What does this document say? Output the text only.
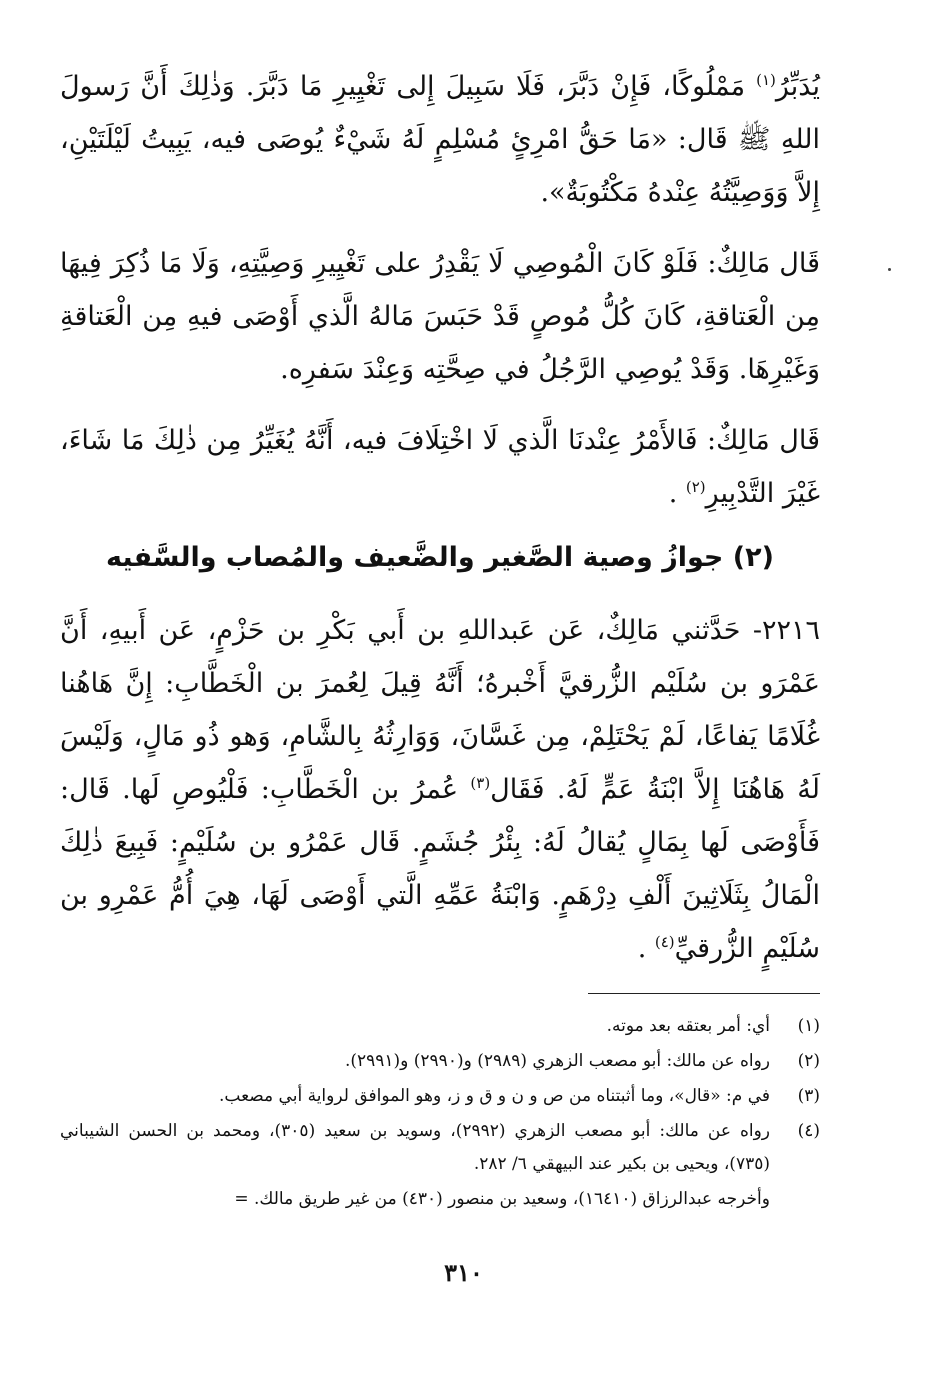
يُدَبِّرُ$^{(١)}$ مَمْلُوكًا، فَإِنْ دَبَّرَ، فَلَا سَبِيلَ إِلى تَغْيِيرِ مَا دَبَّرَ. وَذٰلِكَ أَنَّ رَسولَ اللهِ ﷺ قَال: «مَا حَقُّ امْرِئٍ مُسْلِمٍ لَهُ شَيْءٌ يُوصَى فيه، يَبِيتُ لَيْلَتَيْنِ، إِلاَّ وَوَصِيَّتُهُ عِنْدهُ مَكْتُوبَةٌ».

قَال مَالِكٌ: فَلَوْ كَانَ الْمُوصِي لَا يَقْدِرُ على تَغْيِيرِ وَصِيَّتِهِ، وَلَا مَا ذُكِرَ فِيهَا مِن الْعَتاقةِ، كَانَ كُلُّ مُوصٍ قَدْ حَبَسَ مَالهُ الَّذي أَوْصَى فيهِ مِن الْعَتاقةِ وَغَيْرِهَا. وَقَدْ يُوصِي الرَّجُلُ في صِحَّتِه وَعِنْدَ سَفرِه.

قَال مَالِكٌ: فَالأَمْرُ عِنْدنَا الَّذي لَا اخْتِلَافَ فيه، أَنَّهُ يُغَيِّرُ مِن ذٰلِكَ مَا شَاءَ، غَيْرَ التَّدْبِيرِ$^{(٢)}$ .

(٢) جوازُ وصية الصَّغير والضَّعيف والمُصاب والسَّفيه

٢٢١٦- حَدَّثني مَالِكٌ، عَن عَبداللهِ بن أَبي بَكْرِ بن حَزْمٍ، عَن أَبيهِ، أَنَّ عَمْرَو بن سُلَيْم الزُّرقيَّ أَخْبرهُ؛ أَنَّهُ قِيلَ لِعُمرَ بن الْخَطَّابِ: إِنَّ هَاهُنا غُلَامًا يَفاعًا، لَمْ يَحْتَلِمْ، مِن غَسَّانَ، وَوَارِثُهُ بِالشَّامِ، وَهو ذُو مَالٍ، وَلَيْسَ لَهُ هَاهُنَا إِلاَّ ابْنَةُ عَمٍّ لَهُ. فَقَال$^{(٣)}$ عُمرُ بن الْخَطَّابِ: فَلْيُوصِ لَها. قَال: فَأَوْصَى لَها بِمَالٍ يُقالُ لَهُ: بِئْرُ جُشَمٍ. قَال عَمْرُو بن سُلَيْمٍ: فَبِيعَ ذٰلِكَ الْمَالُ بِثَلَاثِينَ أَلْفِ دِرْهَمٍ. وَابْنَةُ عَمِّهِ الَّتي أَوْصَى لَهَا، هِيَ أُمُّ عَمْرِو بن سُلَيْمٍ الزُّرقيِّ$^{(٤)}$ .

(١)
أي: أمر بعتقه بعد موته.
(٢)
رواه عن مالك: أبو مصعب الزهري (٢٩٨٩) و(٢٩٩٠) و(٢٩٩١).
(٣)
في م: «قال»، وما أثبتناه من ص و ن و ق و ز، وهو الموافق لرواية أبي مصعب.
(٤)
رواه عن مالك: أبو مصعب الزهري (٢٩٩٢)، وسويد بن سعيد (٣٠٥)، ومحمد بن الحسن الشيباني (٧٣٥)، ويحيى بن بكير عند البيهقي ٦/ ٢٨٢.
وأخرجه عبدالرزاق (١٦٤١٠)، وسعيد بن منصور (٤٣٠) من غير طريق مالك. =
٣١٠
